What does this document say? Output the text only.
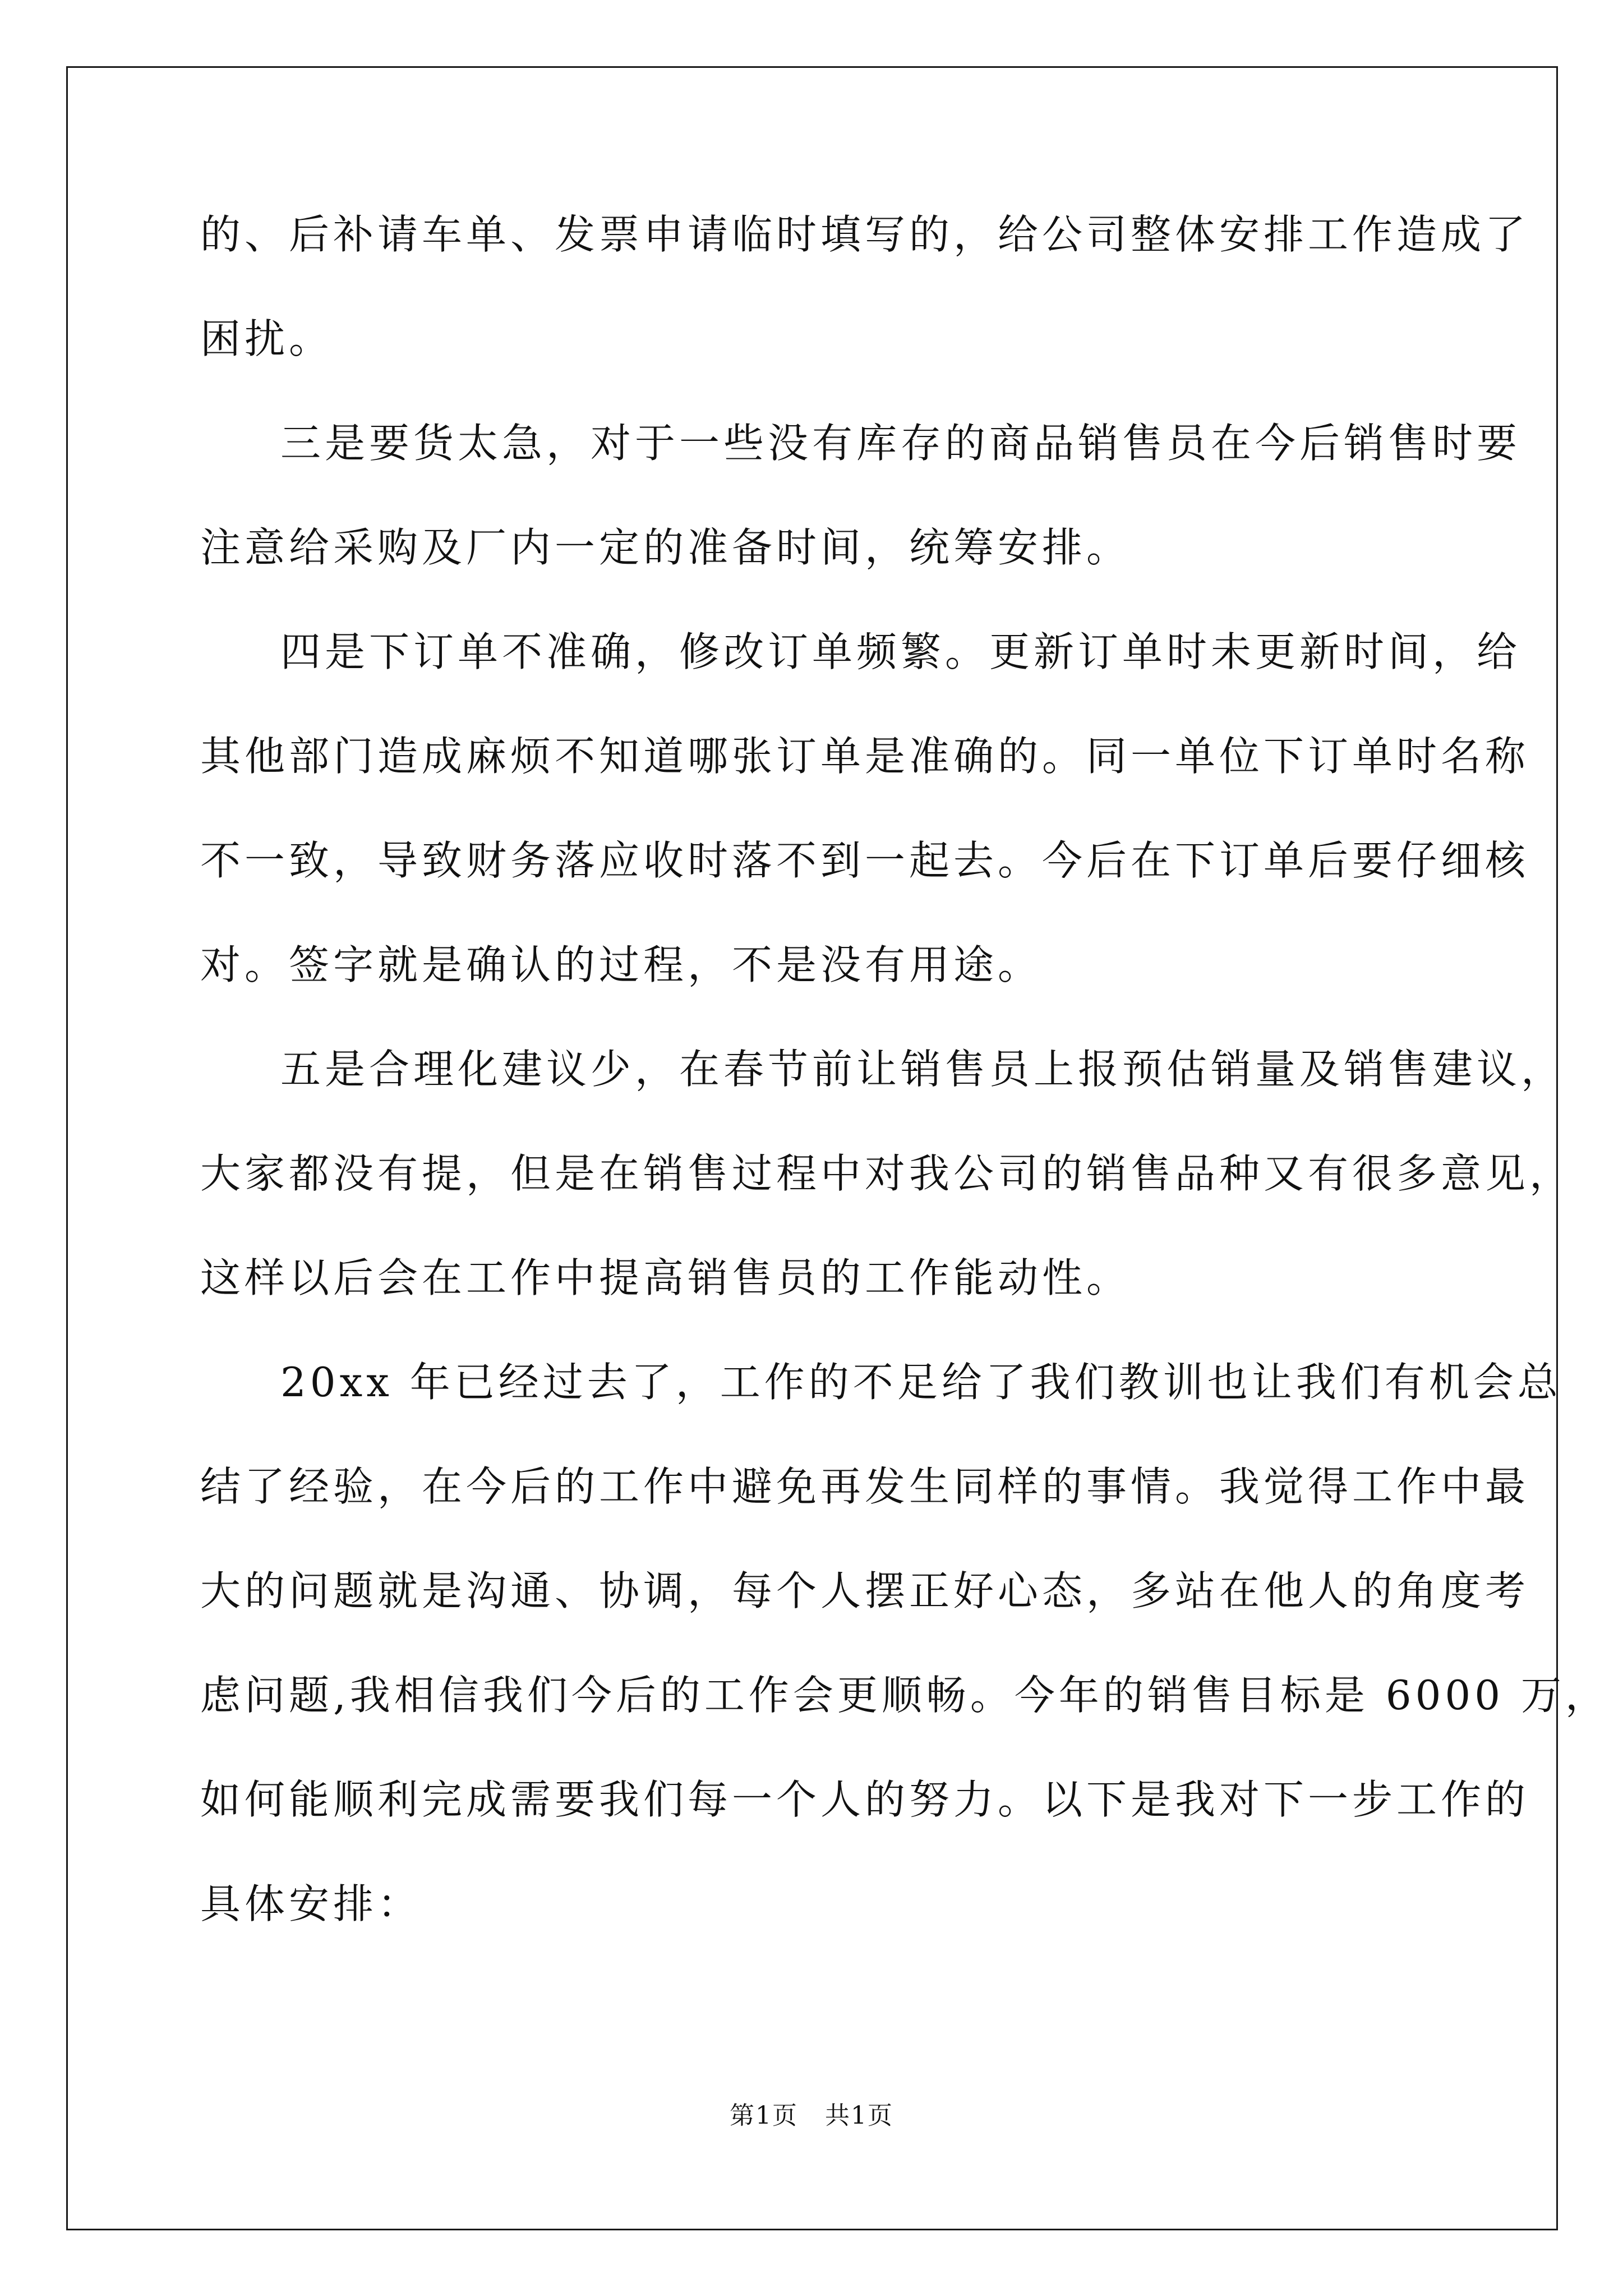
的、后补请车单、发票申请临时填写的，给公司整体安排工作造成了
困扰。
三是要货太急，对于一些没有库存的商品销售员在今后销售时要
注意给采购及厂内一定的准备时间，统筹安排。
四是下订单不准确，修改订单频繁。更新订单时未更新时间，给
其他部门造成麻烦不知道哪张订单是准确的。同一单位下订单时名称
不一致，导致财务落应收时落不到一起去。今后在下订单后要仔细核
对。签字就是确认的过程，不是没有用途。
五是合理化建议少，在春节前让销售员上报预估销量及销售建议，
大家都没有提，但是在销售过程中对我公司的销售品种又有很多意见，
这样以后会在工作中提高销售员的工作能动性。
20xx 年已经过去了，工作的不足给了我们教训也让我们有机会总
结了经验，在今后的工作中避免再发生同样的事情。我觉得工作中最
大的问题就是沟通、协调，每个人摆正好心态，多站在他人的角度考
虑问题,我相信我们今后的工作会更顺畅。今年的销售目标是 6000 万，
如何能顺利完成需要我们每一个人的努力。以下是我对下一步工作的
具体安排：
第1页   共1页
